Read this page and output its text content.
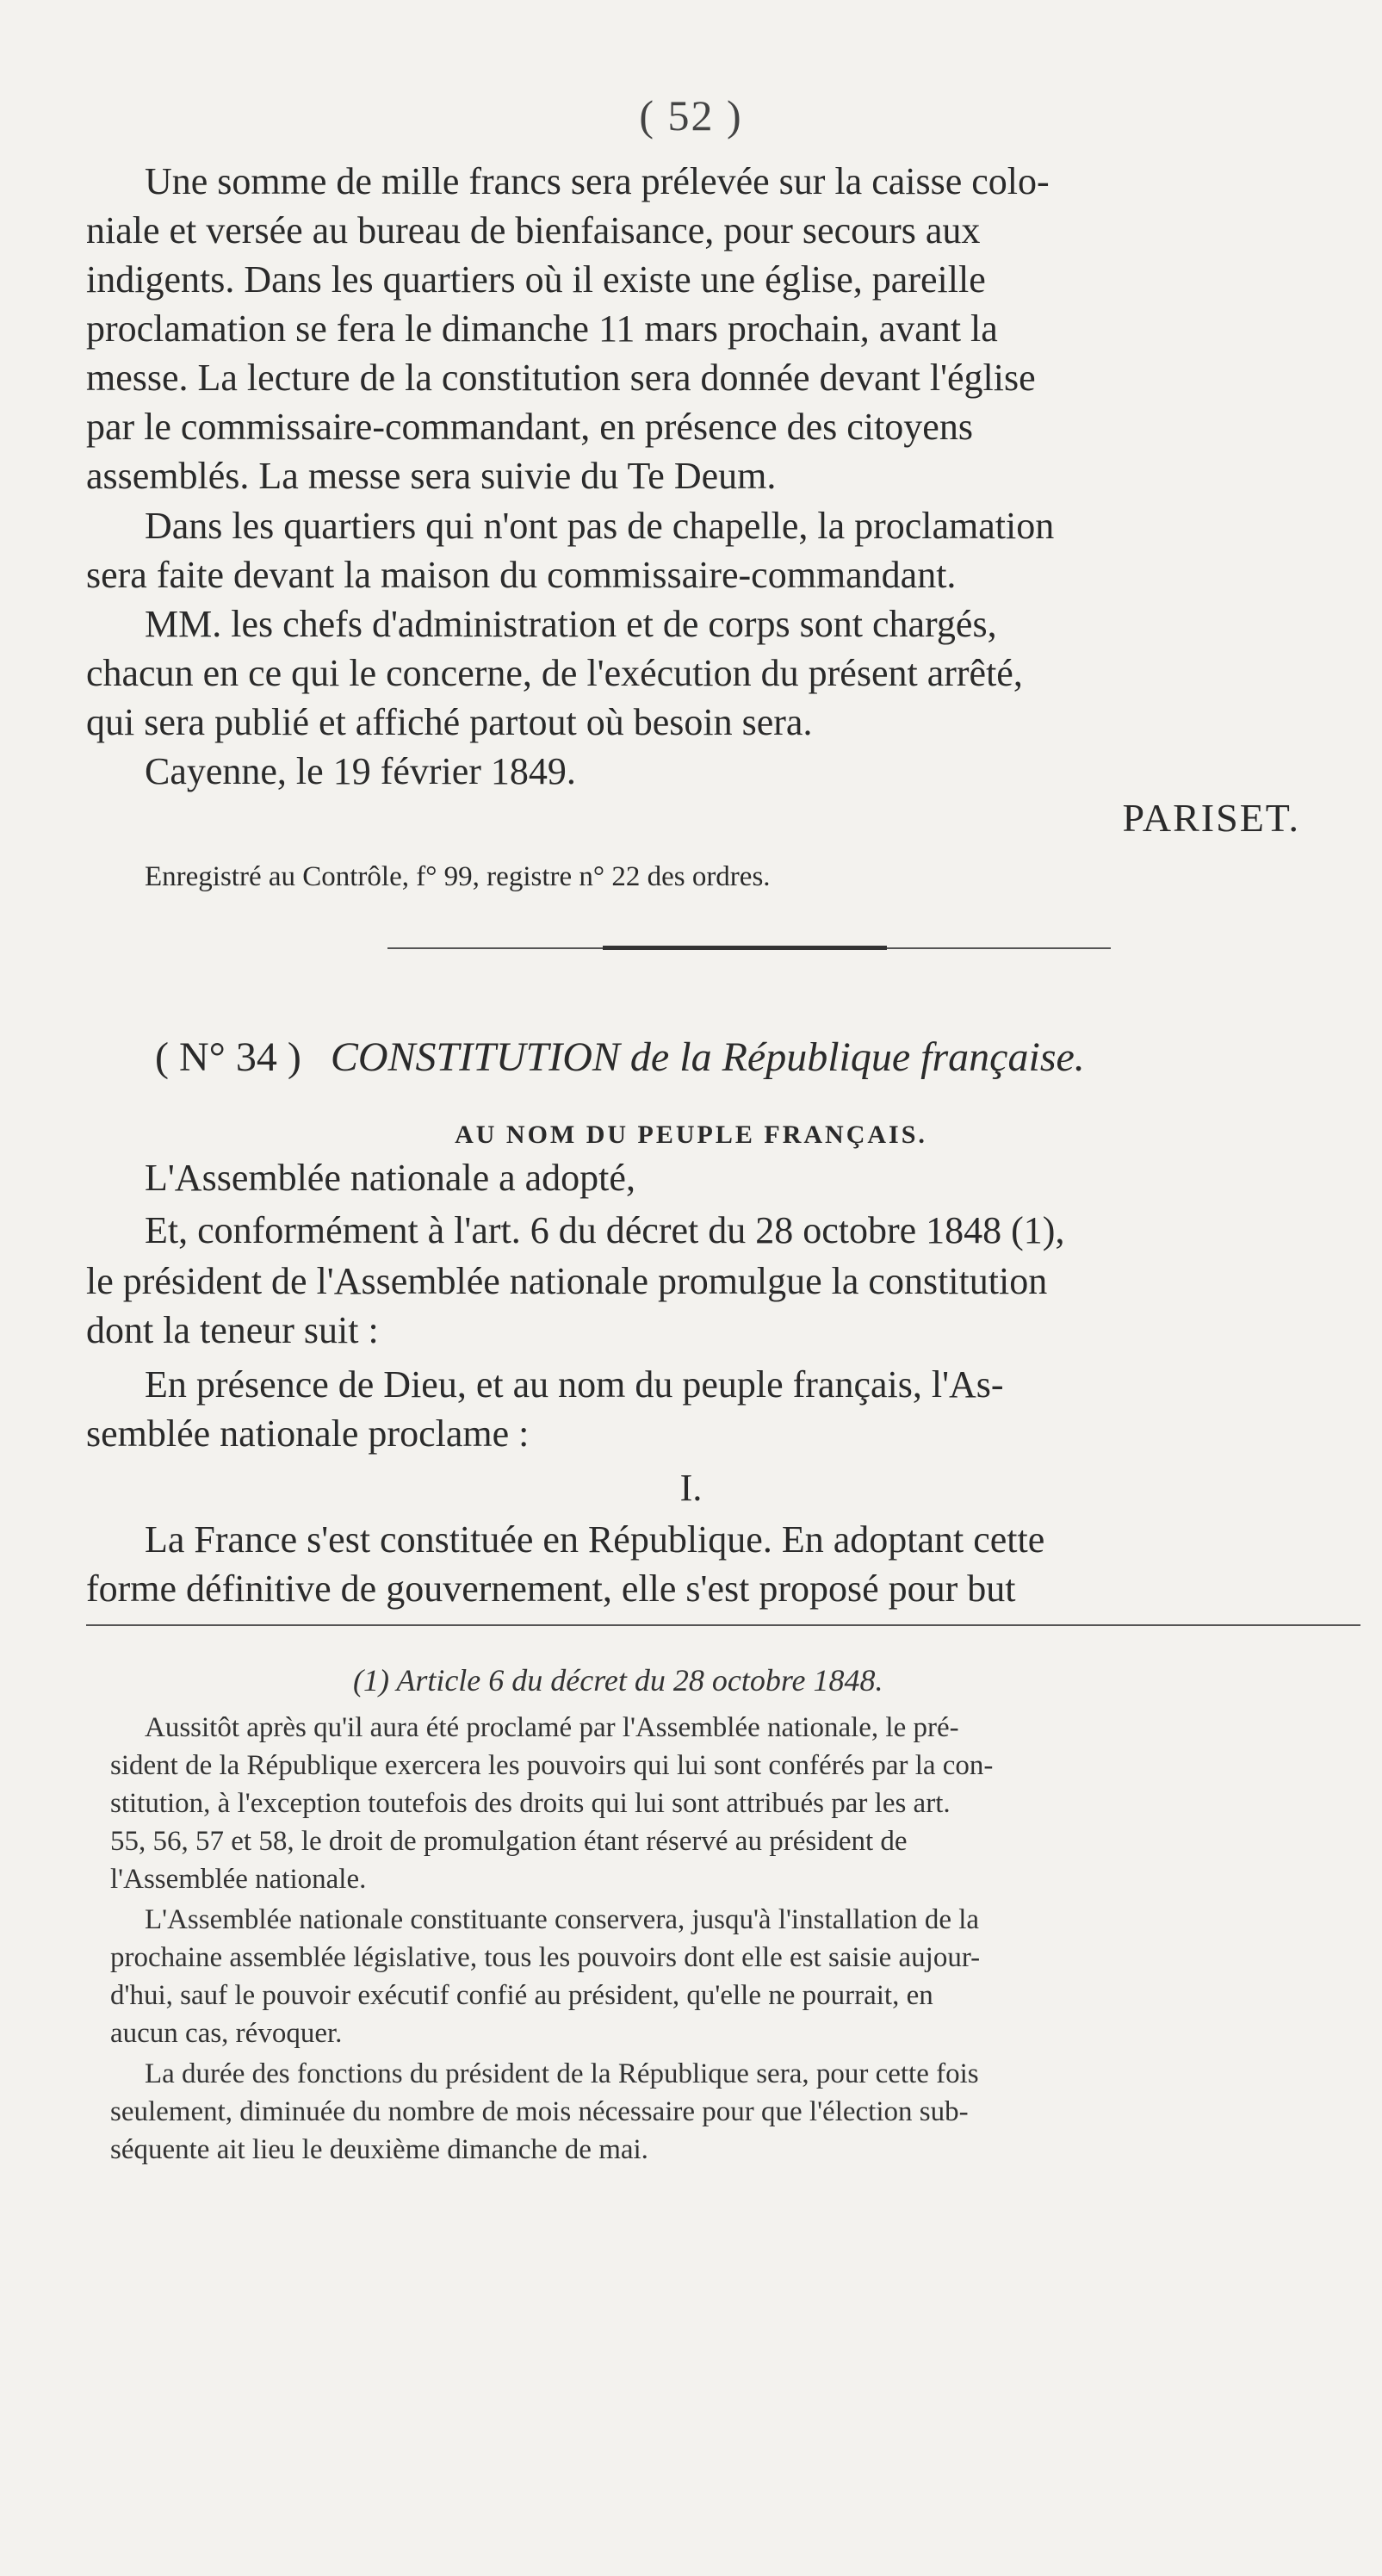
( 52 )
Une somme de mille francs sera prélevée sur la caisse colo-
niale et versée au bureau de bienfaisance, pour secours aux
indigents. Dans les quartiers où il existe une église, pareille
proclamation se fera le dimanche 11 mars prochain, avant la
messe. La lecture de la constitution sera donnée devant l'église
par le commissaire-commandant, en présence des citoyens
assemblés. La messe sera suivie du Te Deum.
Dans les quartiers qui n'ont pas de chapelle, la proclamation
sera faite devant la maison du commissaire-commandant.
MM. les chefs d'administration et de corps sont chargés,
chacun en ce qui le concerne, de l'exécution du présent arrêté,
qui sera publié et affiché partout où besoin sera.
Cayenne, le 19 février 1849.
PARISET.
Enregistré au Contrôle, f° 99, registre n° 22 des ordres.
( N° 34 ) CONSTITUTION de la République française.
AU NOM DU PEUPLE FRANÇAIS.
L'Assemblée nationale a adopté,
Et, conformément à l'art. 6 du décret du 28 octobre 1848 (1),
le président de l'Assemblée nationale promulgue la constitution
dont la teneur suit :
En présence de Dieu, et au nom du peuple français, l'As-
semblée nationale proclame :
I.
La France s'est constituée en République. En adoptant cette
forme définitive de gouvernement, elle s'est proposé pour but
(1) Article 6 du décret du 28 octobre 1848.
Aussitôt après qu'il aura été proclamé par l'Assemblée nationale, le pré-
sident de la République exercera les pouvoirs qui lui sont conférés par la con-
stitution, à l'exception toutefois des droits qui lui sont attribués par les art.
55, 56, 57 et 58, le droit de promulgation étant réservé au président de
l'Assemblée nationale.
L'Assemblée nationale constituante conservera, jusqu'à l'installation de la
prochaine assemblée législative, tous les pouvoirs dont elle est saisie aujour-
d'hui, sauf le pouvoir exécutif confié au président, qu'elle ne pourrait, en
aucun cas, révoquer.
La durée des fonctions du président de la République sera, pour cette fois
seulement, diminuée du nombre de mois nécessaire pour que l'élection sub-
séquente ait lieu le deuxième dimanche de mai.
